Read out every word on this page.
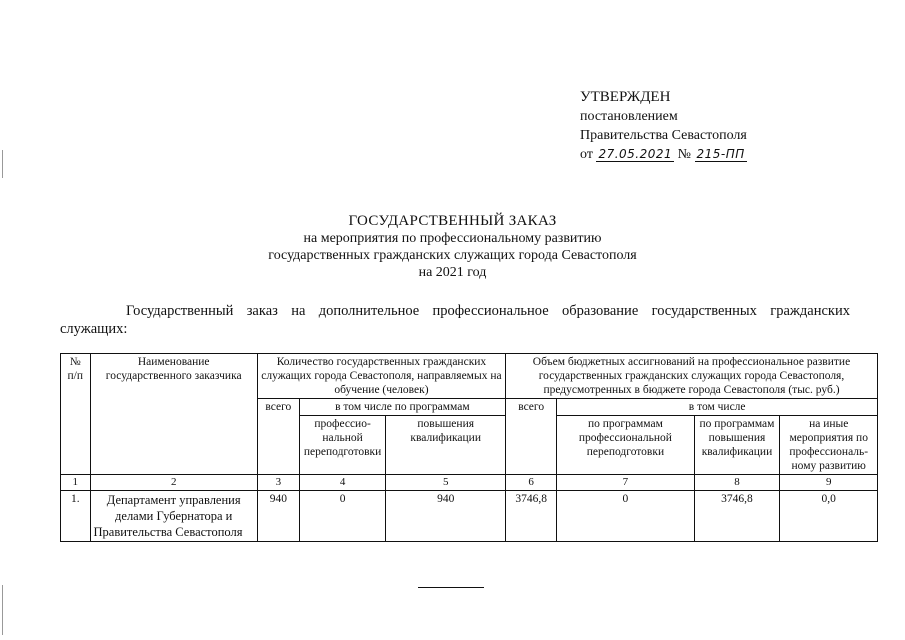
УТВЕРЖДЕН
постановлением
Правительства Севастополя
от 27.05.2021 № 215-ПП
ГОСУДАРСТВЕННЫЙ ЗАКАЗ
на мероприятия по профессиональному развитию
государственных гражданских служащих города Севастополя
на 2021 год
Государственный заказ на дополнительное профессиональное образование государственных гражданских служащих:
№ п/п	Наименование государственного заказчика	Количество государственных гражданских служащих города Севастополя, направляемых на обучение (человек)			Объем бюджетных ассигнований на профессиональное развитие государственных гражданских служащих города Севастополя, предусмотренных в бюджете города Севастополя (тыс. руб.)			
		всего	в том числе по программам		всего	в том числе		
			профессио-нальной переподготовки	повышения квалификации		по программам профессиональной переподготовки	по программам повышения квалификации	на иные мероприятия по профессиональ-ному развитию
1	2	3	4	5	6	7	8	9
1.	Департамент управления делами Губернатора и Правительства Севастополя	940	0	940	3746,8	0	3746,8	0,0
